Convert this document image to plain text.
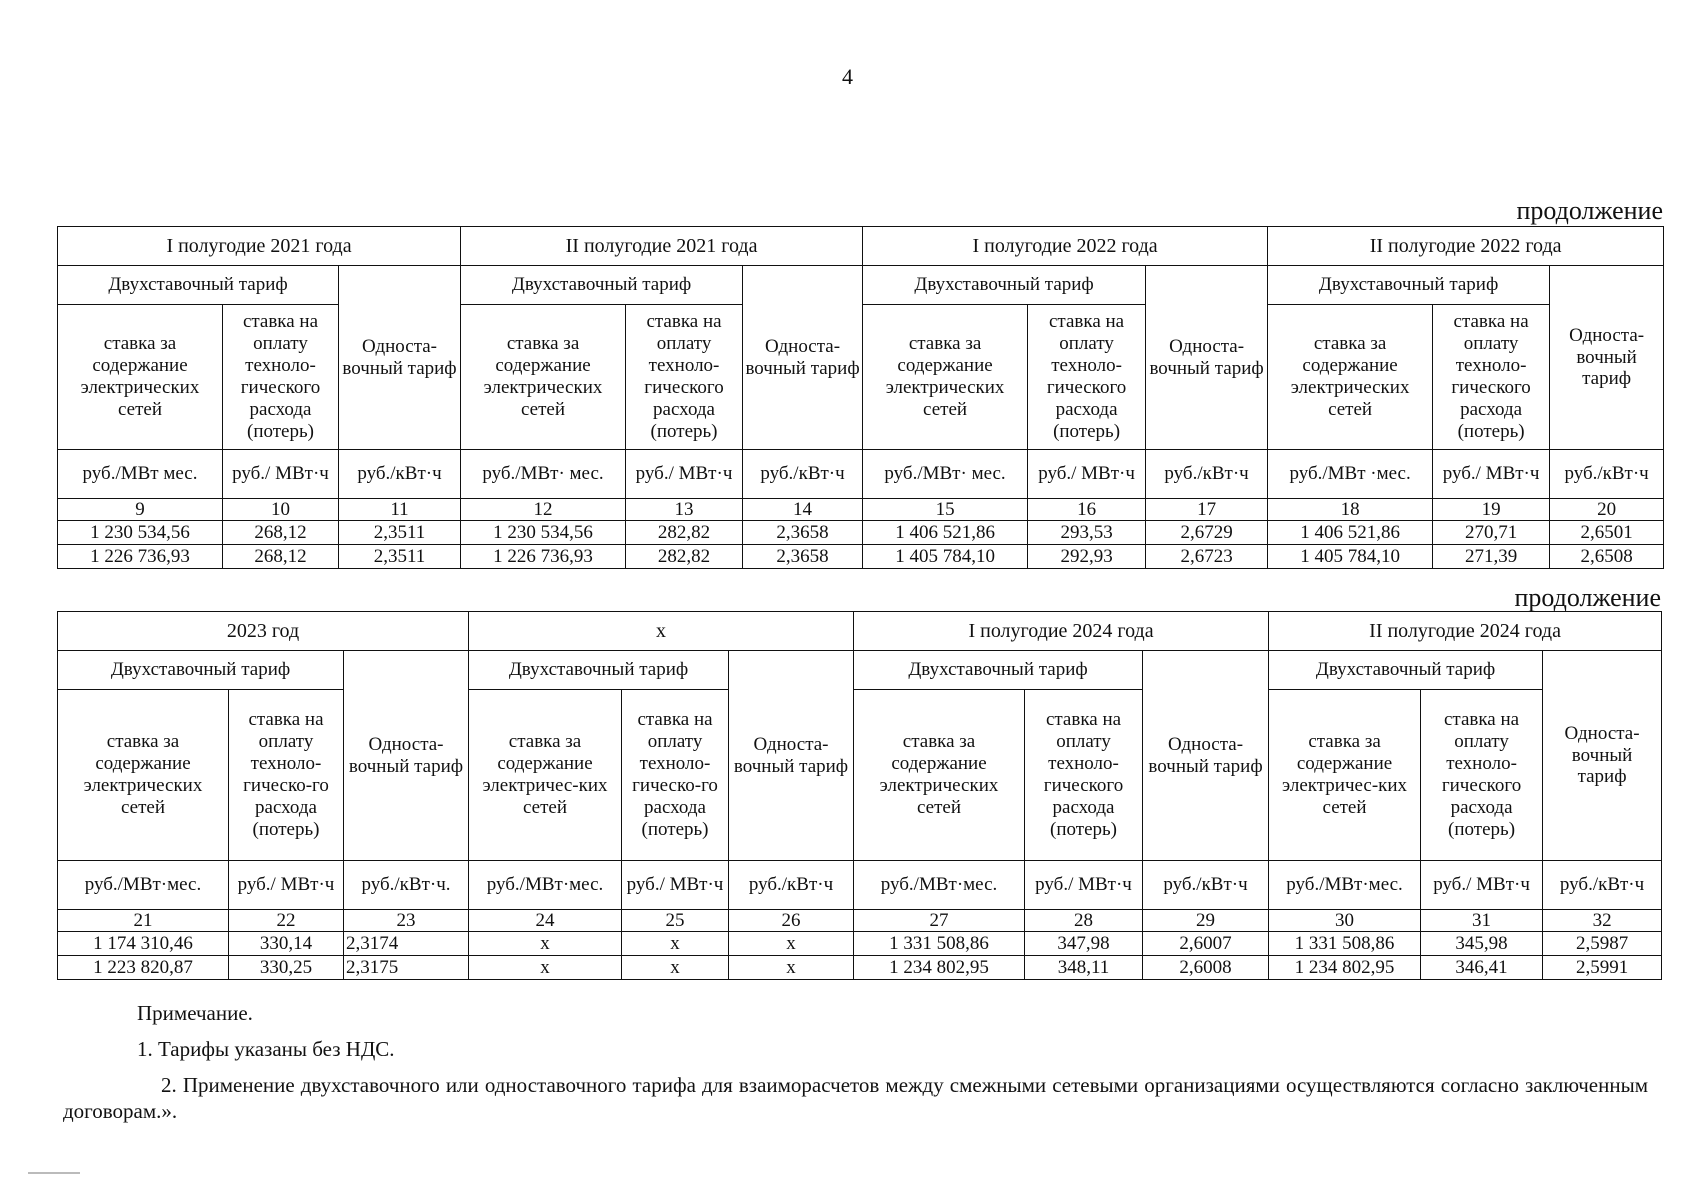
4
продолжение
I полугодие 2021 года			II полугодие 2021 года			I полугодие 2022 года			II полугодие 2022 года		
Двухставочный тариф		Односта-вочный тариф	Двухставочный тариф		Односта-вочный тариф	Двухставочный тариф		Односта-вочный тариф	Двухставочный тариф		Односта-вочный тариф
ставка за содержание электрических сетей	ставка на оплату техноло-гического расхода (потерь)		ставка за содержание электрических сетей	ставка на оплату техноло-гического расхода (потерь)		ставка за содержание электрических сетей	ставка на оплату техноло-гического расхода (потерь)		ставка за содержание электрических сетей	ставка на оплату техноло-гического расхода (потерь)	
руб./МВт мес.	руб./ МВт·ч	руб./кВт·ч	руб./МВт· мес.	руб./ МВт·ч	руб./кВт·ч	руб./МВт· мес.	руб./ МВт·ч	руб./кВт·ч	руб./МВт ·мес.	руб./ МВт·ч	руб./кВт·ч
9	10	11	12	13	14	15	16	17	18	19	20
1 230 534,56	268,12	2,3511	1 230 534,56	282,82	2,3658	1 406 521,86	293,53	2,6729	1 406 521,86	270,71	2,6501
1 226 736,93	268,12	2,3511	1 226 736,93	282,82	2,3658	1 405 784,10	292,93	2,6723	1 405 784,10	271,39	2,6508
продолжение
2023 год			х			I полугодие 2024 года			II полугодие 2024 года		
Двухставочный тариф		Односта-вочный тариф	Двухставочный тариф		Односта-вочный тариф	Двухставочный тариф		Односта-вочный тариф	Двухставочный тариф		Односта-вочный тариф
ставка за содержание электрических сетей	ставка на оплату техноло-гическо-го расхода (потерь)		ставка за содержание электричес-ких сетей	ставка на оплату техноло-гическо-го расхода (потерь)		ставка за содержание электрических сетей	ставка на оплату техноло-гического расхода (потерь)		ставка за содержание электричес-ких сетей	ставка на оплату техноло-гического расхода (потерь)	
руб./МВт·мес.	руб./ МВт·ч	руб./кВт·ч.	руб./МВт·мес.	руб./ МВт·ч	руб./кВт·ч	руб./МВт·мес.	руб./ МВт·ч	руб./кВт·ч	руб./МВт·мес.	руб./ МВт·ч	руб./кВт·ч
21	22	23	24	25	26	27	28	29	30	31	32
1 174 310,46	330,14	2,3174	х	х	х	1 331 508,86	347,98	2,6007	1 331 508,86	345,98	2,5987
1 223 820,87	330,25	2,3175	х	х	х	1 234 802,95	348,11	2,6008	1 234 802,95	346,41	2,5991
Примечание.
1. Тарифы указаны без НДС.
2. Применение двухставочного или одноставочного тарифа для взаиморасчетов между смежными сетевыми организациями осуществляются согласно заключенным договорам.».
